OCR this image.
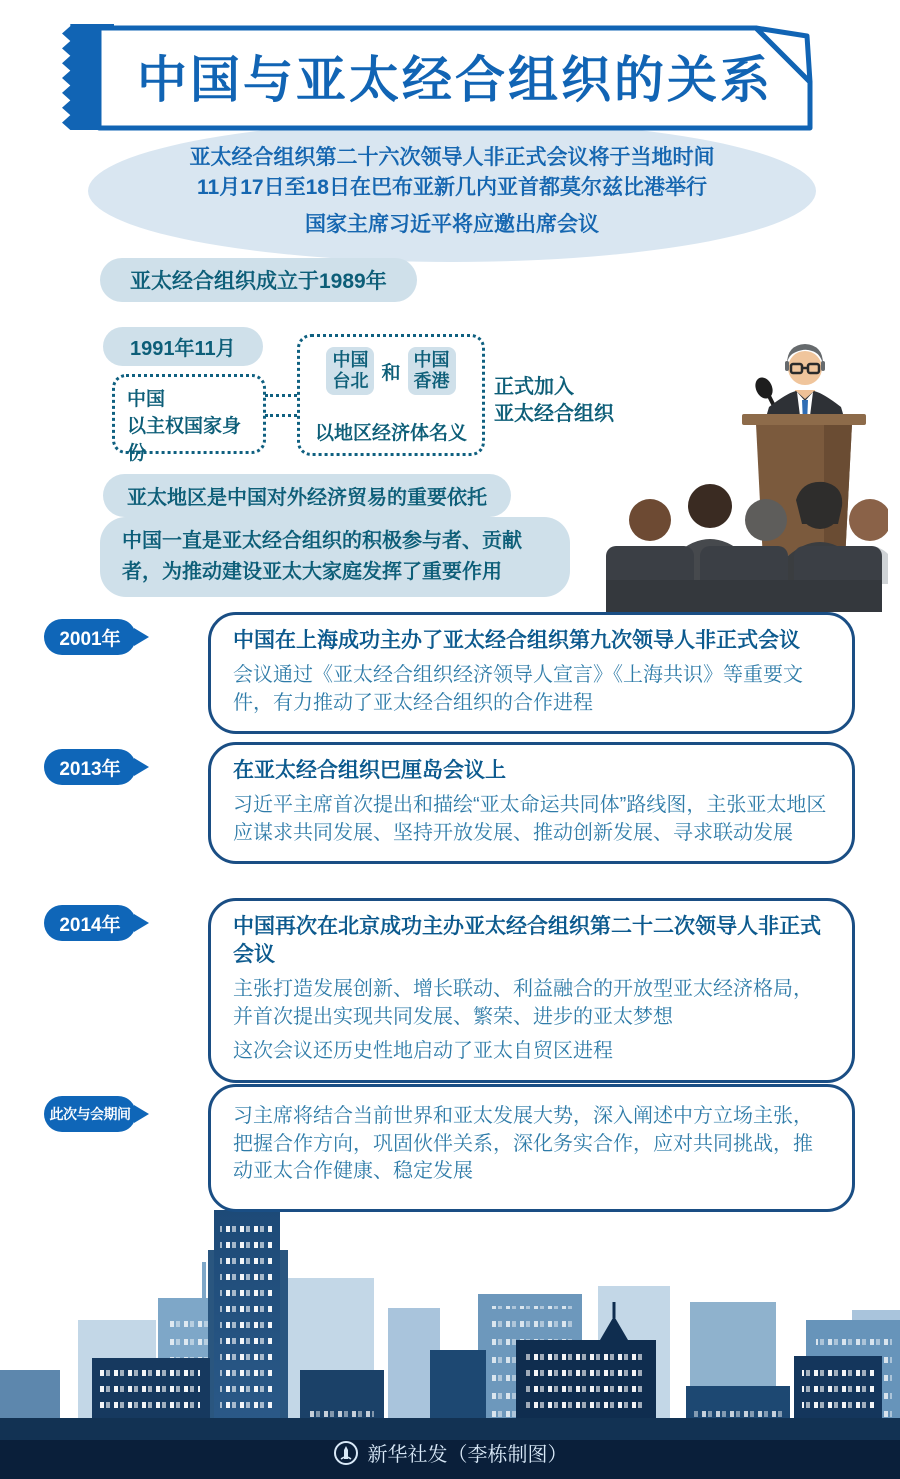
中国与亚太经合组织的关系
亚太经合组织第二十六次领导人非正式会议将于当地时间
11月17日至18日在巴布亚新几内亚首都莫尔兹比港举行
国家主席习近平将应邀出席会议
亚太经合组织成立于1989年
1991年11月
中国
以主权国家身份
中国台北 和
中国香港
以地区经济体名义
正式加入
亚太经合组织
亚太地区是中国对外经济贸易的重要依托
中国一直是亚太经合组织的积极参与者、贡献者，为推动建设亚太大家庭发挥了重要作用
2001年	中国在上海成功主办了亚太经合组织第九次领导人非正式会议
会议通过《亚太经合组织经济领导人宣言》《上海共识》等重要文件，有力推动了亚太经合组织的合作进程
2013年	在亚太经合组织巴厘岛会议上
习近平主席首次提出和描绘“亚太命运共同体”路线图，主张亚太地区应谋求共同发展、坚持开放发展、推动创新发展、寻求联动发展
2014年	中国再次在北京成功主办亚太经合组织第二十二次领导人非正式会议
主张打造发展创新、增长联动、利益融合的开放型亚太经济格局，并首次提出实现共同发展、繁荣、进步的亚太梦想
这次会议还历史性地启动了亚太自贸区进程
此次与会期间	习主席将结合当前世界和亚太发展大势，深入阐述中方立场主张，把握合作方向，巩固伙伴关系，深化务实合作，应对共同挑战，推动亚太合作健康、稳定发展
新华社发（李栋制图）
